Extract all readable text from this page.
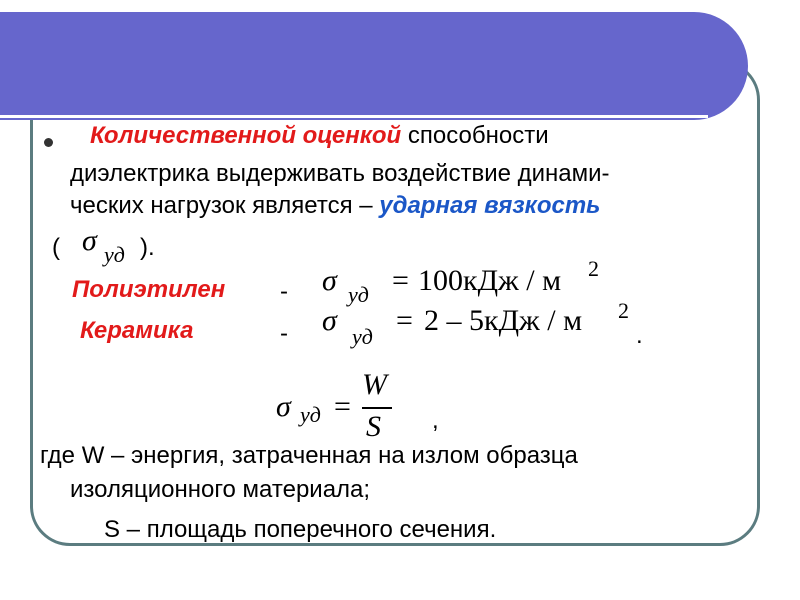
Количественной оценкой способности
диэлектрика выдерживать воздействие динами-
ческих нагрузок является – ударная вязкость
( σ уд ).
Полиэтилен - σ уд = 100кДж / м 2
Керамика	- σ уд = 2 – 5кДж / м 2
.
σ уд =
W
S ,
где W – энергия, затраченная на излом образца
изоляционного материала;
S – площадь поперечного сечения.
